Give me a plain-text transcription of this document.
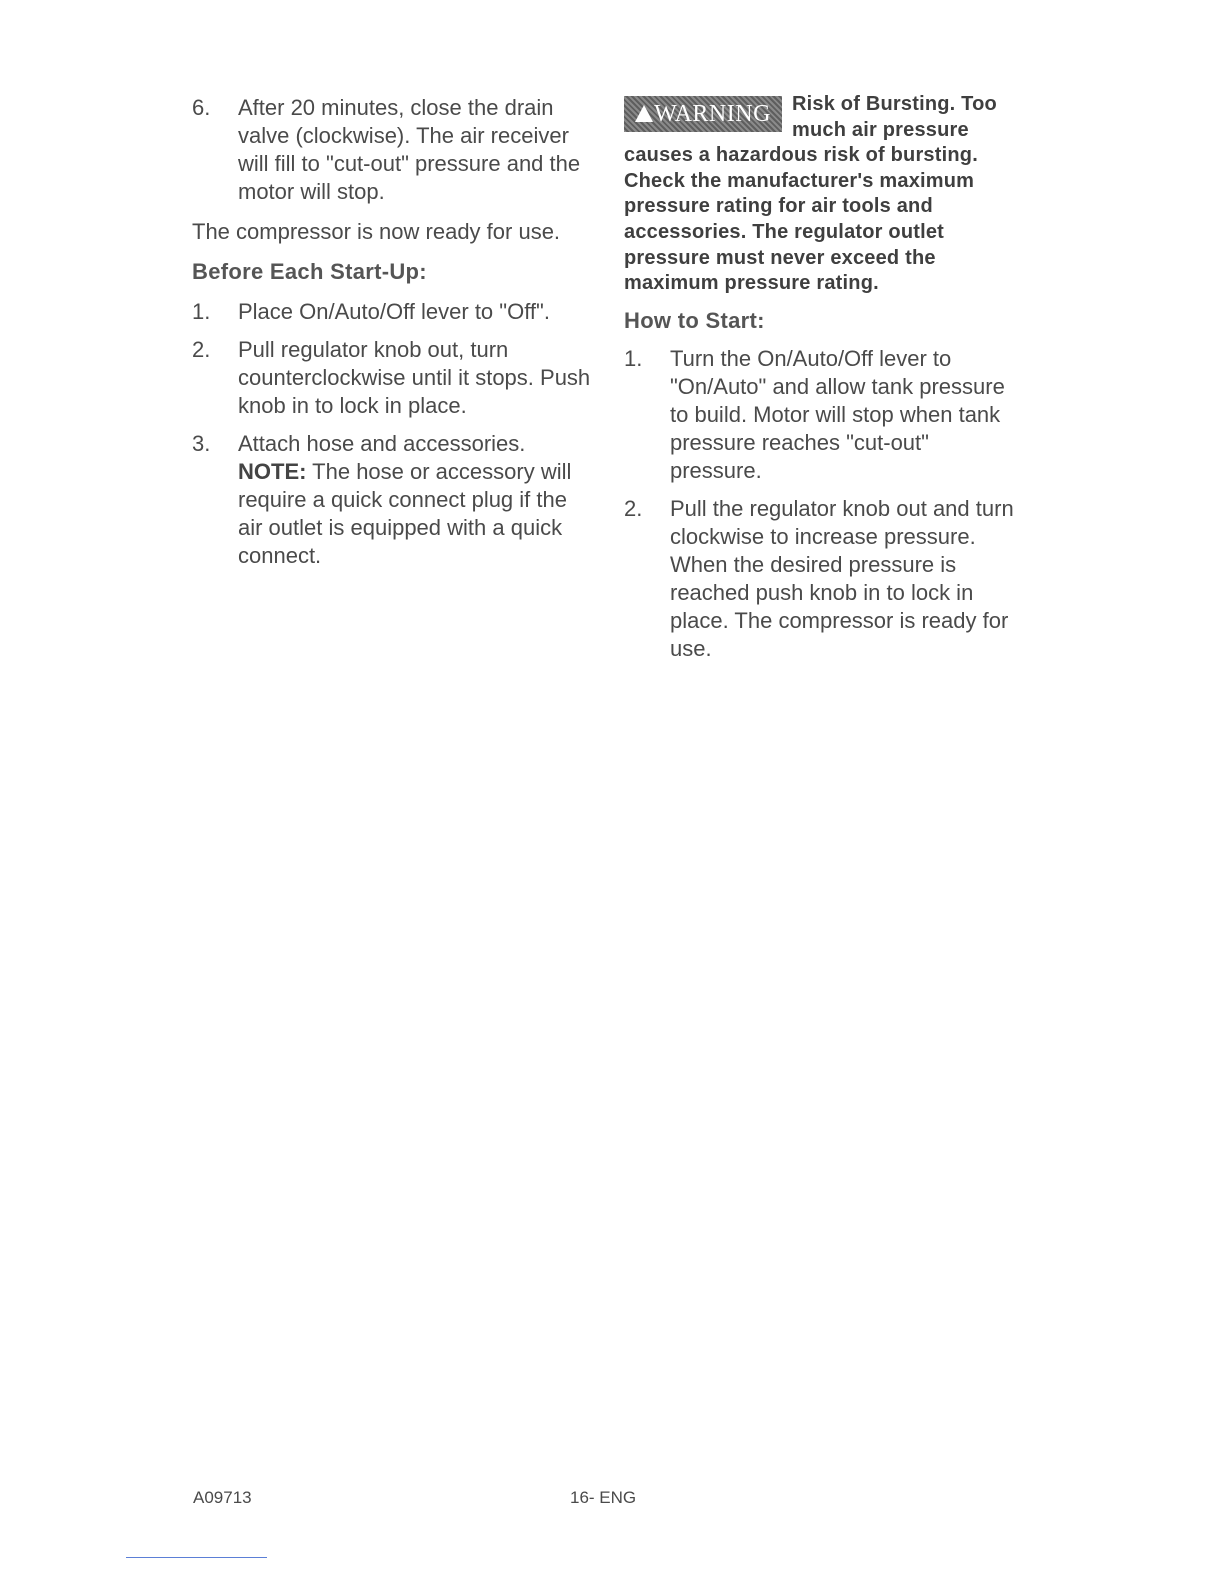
6. After 20 minutes, close the drain valve (clockwise). The air receiver will fill to "cut-out" pressure and the motor will stop.
The compressor is now ready for use.
Before Each Start-Up:
1. Place On/Auto/Off lever to "Off".
2. Pull regulator knob out, turn counterclockwise until it stops. Push knob in to lock in place.
3. Attach hose and accessories.
NOTE: The hose or accessory will require a quick connect plug if the air outlet is equipped with a quick connect.
WARNING	Risk of Bursting. Too much air pressure causes a hazardous risk of bursting. Check the manufacturer's maximum pressure rating for air tools and accessories. The regulator outlet pressure must never exceed the maximum pressure rating.
How to Start:
1. Turn the On/Auto/Off lever to "On/Auto" and allow tank pressure to build. Motor will stop when tank pressure reaches "cut-out" pressure.
2. Pull the regulator knob out and turn clockwise to increase pressure. When the desired pressure is reached push knob in to lock in place. The compressor is ready for use.
A09713	16- ENG
